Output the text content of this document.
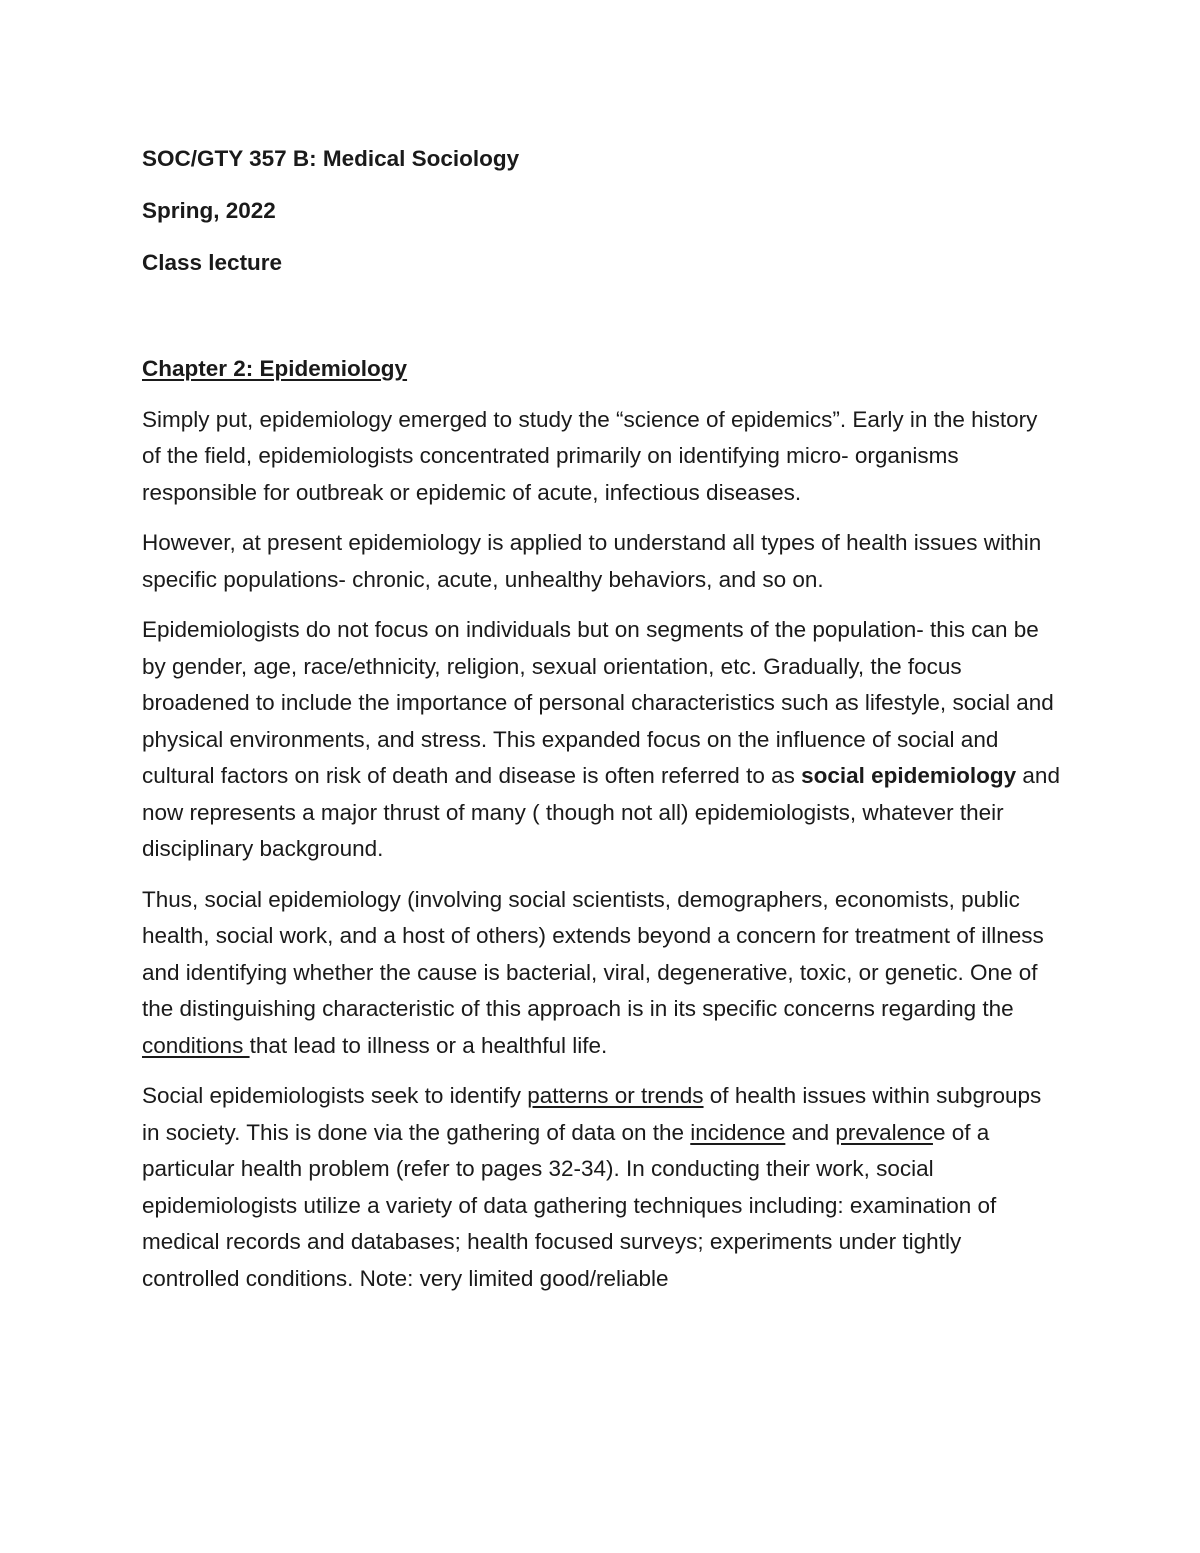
SOC/GTY 357 B: Medical Sociology
Spring, 2022
Class lecture
Chapter 2: Epidemiology

Simply put, epidemiology emerged to study the “science of epidemics”. Early in the history of the field, epidemiologists concentrated primarily on identifying micro- organisms responsible for outbreak or epidemic of acute, infectious diseases.

However, at present epidemiology is applied to understand all types of health issues within specific populations- chronic, acute, unhealthy behaviors, and so on.

Epidemiologists do not focus on individuals but on segments of the population- this can be by gender, age, race/ethnicity, religion, sexual orientation, etc. Gradually, the focus broadened to include the importance of personal characteristics such as lifestyle, social and physical environments, and stress. This expanded focus on the influence of social and cultural factors on risk of death and disease is often referred to as social epidemiology and now represents a major thrust of many ( though not all) epidemiologists, whatever their disciplinary background.

Thus, social epidemiology (involving social scientists, demographers, economists, public health, social work, and a host of others) extends beyond a concern for treatment of illness and identifying whether the cause is bacterial, viral, degenerative, toxic, or genetic. One of the distinguishing characteristic of this approach is in its specific concerns regarding the conditions that lead to illness or a healthful life.

Social epidemiologists seek to identify patterns or trends of health issues within subgroups in society. This is done via the gathering of data on the incidence and prevalence of a particular health problem (refer to pages 32-34). In conducting their work, social epidemiologists utilize a variety of data gathering techniques including: examination of medical records and databases; health focused surveys; experiments under tightly controlled conditions. Note: very limited good/reliable
